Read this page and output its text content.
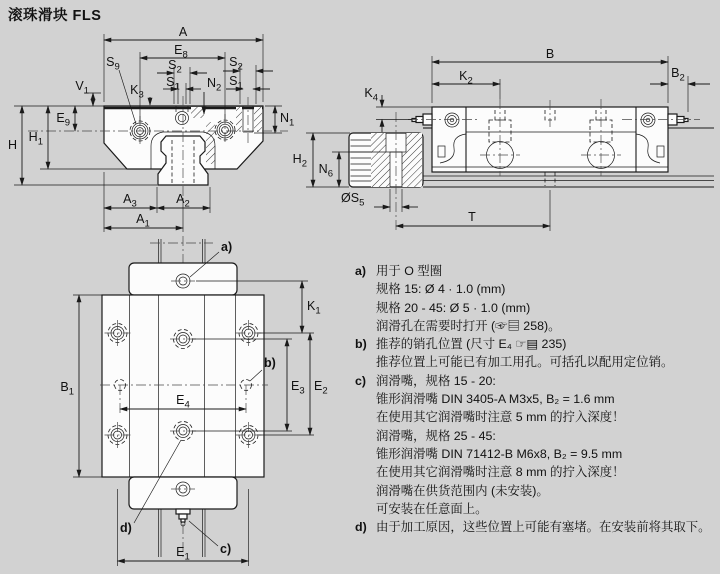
滚珠滑块 FLS
A
$E_8$
$S_2$
$S_1$ $N_2$
$S_2$
$S_1$
$N_1$
$V_1$
$E_9$
$H_1$
H
$A_3$	$A_2$
$A_1$
$S_9$
$K_3$
B
$K_2$
$B_2$
$K_4$
$H_2$ $N_6$
$ØS_5$
T
a)
b)
c)
d)
$K_1$
$E_3$ $E_2$
$B_1$
$E_4$
$E_1$
a) 用于 O 型圈
规格 15: Ø 4 · 1.0 (mm)
规格 20 - 45: Ø 5 · 1.0 (mm)
润滑孔在需要时打开 (☞▤ 258)。
b) 推荐的销孔位置 (尺寸 E₄ ☞▤ 235)
推荐位置上可能已有加工用孔。可括孔以配用定位销。
c) 润滑嘴，规格 15 - 20:
锥形润滑嘴 DIN 3405-A M3x5, B₂ = 1.6 mm
在使用其它润滑嘴时注意 5 mm 的拧入深度！
润滑嘴，规格 25 - 45:
锥形润滑嘴 DIN 71412-B M6x8, B₂ = 9.5 mm
在使用其它润滑嘴时注意 8 mm 的拧入深度！
润滑嘴在供货范围内 (未安装)。
可安装在任意面上。
d) 由于加工原因，这些位置上可能有塞堵。在安装前将其取下。
